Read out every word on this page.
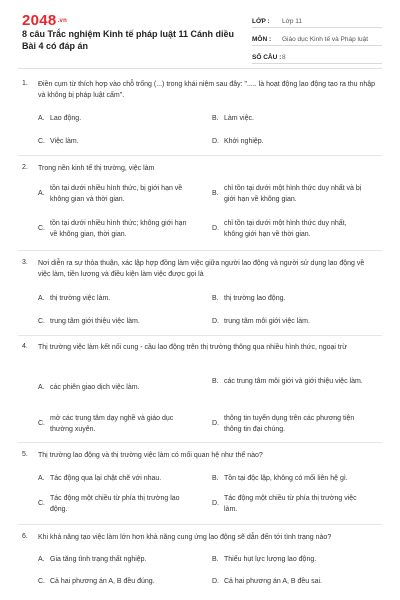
2048.vn
8 câu Trắc nghiệm Kinh tế pháp luật 11 Cánh diều Bài 4 có đáp án
LỚP :	Lớp 11
MÔN :	Giáo dục Kinh tế và Pháp luật
SỐ CÂU : 8
1. Điền cụm từ thích hợp vào chỗ trống (...) trong khái niệm sau đây: "..... là hoạt động lao động tạo ra thu nhập và không bị pháp luật cấm".
A. Lao động.	B. Làm việc.
C. Việc làm.	D. Khởi nghiệp.
2. Trong nền kinh tế thị trường, việc làm
A.
tồn tại dưới nhiều hình thức, bị giới hạn về không gian và thời gian.
B.
chỉ tồn tại dưới một hình thức duy nhất và bị giới hạn về không gian.
C.
tồn tại dưới nhiều hình thức; không giới hạn về không gian, thời gian.
D.
chỉ tồn tại dưới một hình thức duy nhất, không giới hạn về thời gian.
3. Nơi diễn ra sự thỏa thuận, xác lập hợp đồng làm việc giữa người lao động và người sử dụng lao động về việc làm, tiền lương và điều kiện làm việc được gọi là
A. thị trường việc làm.	B. thị trường lao động.
C. trung tâm giới thiệu việc làm.	D. trung tâm môi giới việc làm.
4. Thị trường việc làm kết nối cung - cầu lao động trên thị trường thông qua nhiều hình thức, ngoại trừ
A. các phiên giao dịch việc làm.
B. các trung tâm môi giới và giới thiệu việc làm.
C.
mở các trung tâm dạy nghề và giáo dục thường xuyên.
D.
thông tin tuyển dụng trên các phương tiện thông tin đại chúng.
5. Thị trường lao động và thị trường việc làm có mối quan hệ như thế nào?
A. Tác động qua lại chặt chẽ với nhau.	B. Tồn tại độc lập, không có mối liên hệ gì.
C.
Tác động một chiều từ phía thị trường lao động.
D.
Tác động một chiều từ phía thị trường việc làm.
6. Khi khả năng tạo việc làm lớn hơn khả năng cung ứng lao động sẽ dẫn đến tới tình trạng nào?
A. Gia tăng tình trạng thất nghiệp.	B. Thiếu hụt lực lượng lao động.
C. Cả hai phương án A, B đều đúng.	D. Cả hai phương án A, B đều sai.
